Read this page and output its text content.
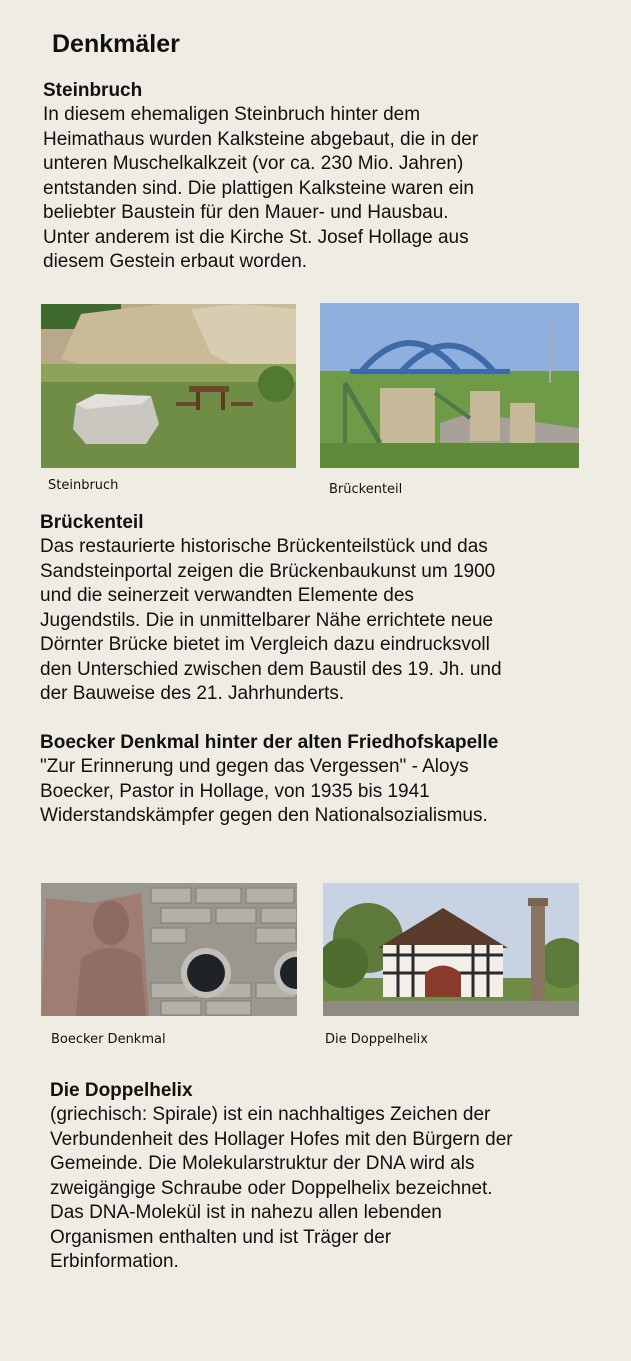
Denkmäler

Steinbruch

In diesem ehemaligen Steinbruch hinter dem
Heimathaus wurden Kalksteine abgebaut, die in der
unteren Muschelkalkzeit (vor ca. 230 Mio. Jahren)
entstanden sind. Die plattigen Kalksteine waren ein
beliebter Baustein für den Mauer- und Hausbau.
Unter anderem ist die Kirche St. Josef Hollage aus
diesem Gestein erbaut worden.

Steinbruch	Brückenteil

Brückenteil

Das restaurierte historische Brückenteilstück und das
Sandsteinportal zeigen die Brückenbaukunst um 1900
und die seinerzeit verwandten Elemente des
Jugendstils. Die in unmittelbarer Nähe errichtete neue
Dörnter Brücke bietet im Vergleich dazu eindrucksvoll
den Unterschied zwischen dem Baustil des 19. Jh. und
der Bauweise des 21. Jahrhunderts.

Boecker Denkmal hinter der alten Friedhofskapelle

"Zur Erinnerung und gegen das Vergessen" - Aloys
Boecker, Pastor in Hollage, von 1935 bis 1941
Widerstandskämpfer gegen den Nationalsozialismus.

Boecker Denkmal	Die Doppelhelix

Die Doppelhelix

(griechisch: Spirale) ist ein nachhaltiges Zeichen der
Verbundenheit des Hollager Hofes mit den Bürgern der
Gemeinde. Die Molekularstruktur der DNA wird als
zweigängige Schraube oder Doppelhelix bezeichnet.
Das DNA-Molekül ist in nahezu allen lebenden
Organismen enthalten und ist Träger der
Erbinformation.
